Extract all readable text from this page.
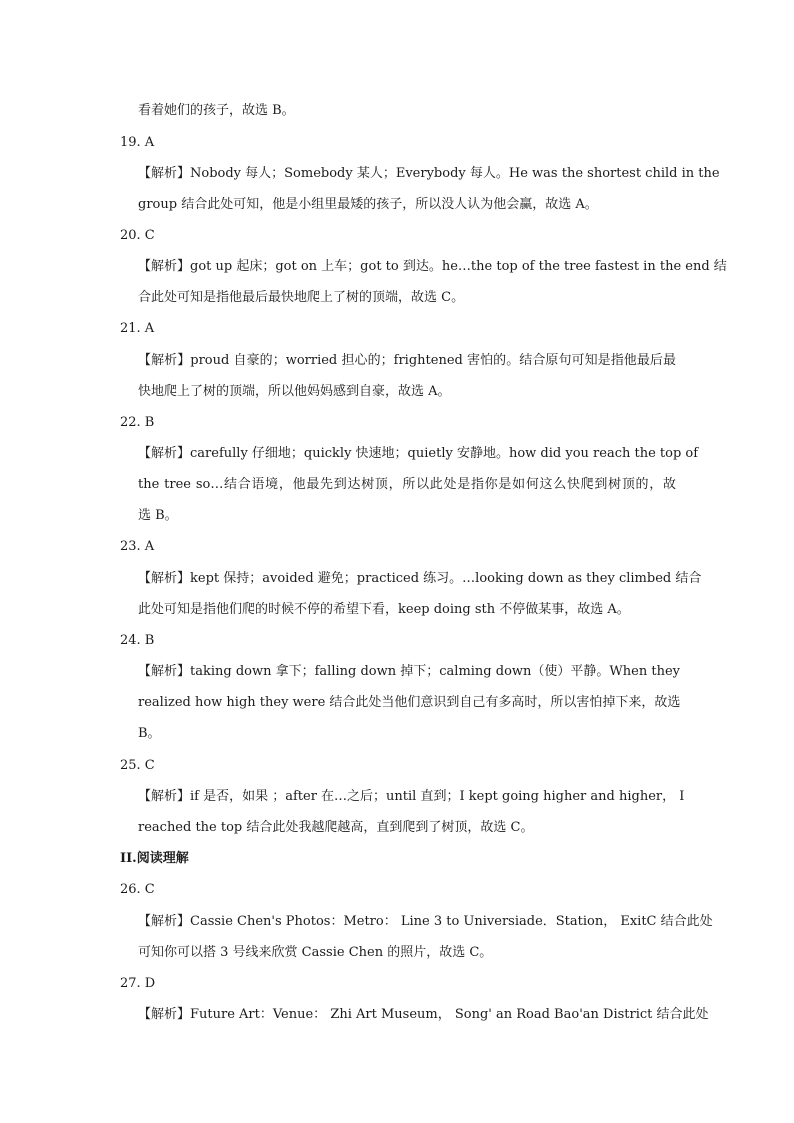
看着她们的孩子，故选 B。
19. A
【解析】Nobody 每人；Somebody 某人；Everybody 每人。He was the shortest child in the
group 结合此处可知，他是小组里最矮的孩子，所以没人认为他会赢，故选 A。
20. C
【解析】got up 起床；got on 上车；got to 到达。he…the top of the tree fastest in the end 结
合此处可知是指他最后最快地爬上了树的顶端，故选 C。
21. A
【解析】proud 自豪的；worried 担心的；frightened 害怕的。结合原句可知是指他最后最
快地爬上了树的顶端，所以他妈妈感到自豪，故选 A。
22. B
【解析】carefully 仔细地；quickly 快速地；quietly 安静地。how did you reach the top of
the tree so…结合语境，他最先到达树顶，所以此处是指你是如何这么快爬到树顶的，故
选 B。
23. A
【解析】kept 保持；avoided 避免；practiced 练习。…looking down as they climbed 结合
此处可知是指他们爬的时候不停的希望下看，keep doing sth 不停做某事，故选 A。
24. B
【解析】taking down 拿下；falling down 掉下；calming down（使）平静。When they
realized how high they were 结合此处当他们意识到自己有多高时，所以害怕掉下来，故选
B。
25. C
【解析】if 是否，如果 ；after 在…之后；until 直到；I kept going higher and higher， I
reached the top 结合此处我越爬越高，直到爬到了树顶，故选 C。
II.阅读理解
26. C
【解析】Cassie Chen's Photos：Metro： Line 3 to Universiade．Station， ExitC 结合此处
可知你可以搭 3 号线来欣赏 Cassie Chen 的照片，故选 C。
27. D
【解析】Future Art：Venue： Zhi Art Museum， Song' an Road Bao'an District 结合此处
